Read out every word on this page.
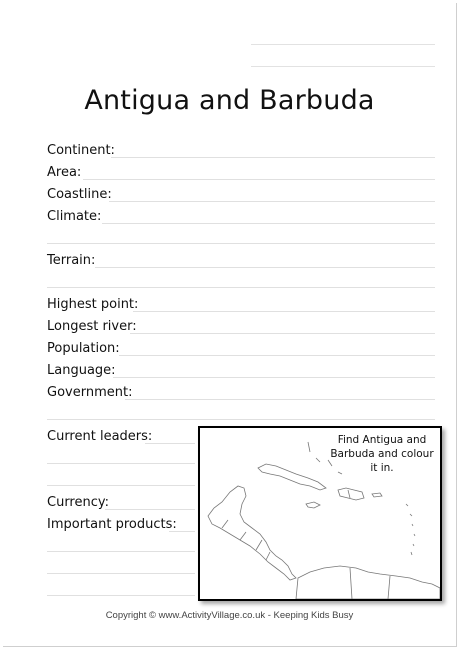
Antigua and Barbuda
Continent:
Area:
Coastline:
Climate:
Terrain:
Highest point:
Longest river:
Population:
Language:
Government:
Current leaders:
Currency:
Important products:
Find Antigua and Barbuda and colour it in.
Copyright © www.ActivityVillage.co.uk - Keeping Kids Busy
